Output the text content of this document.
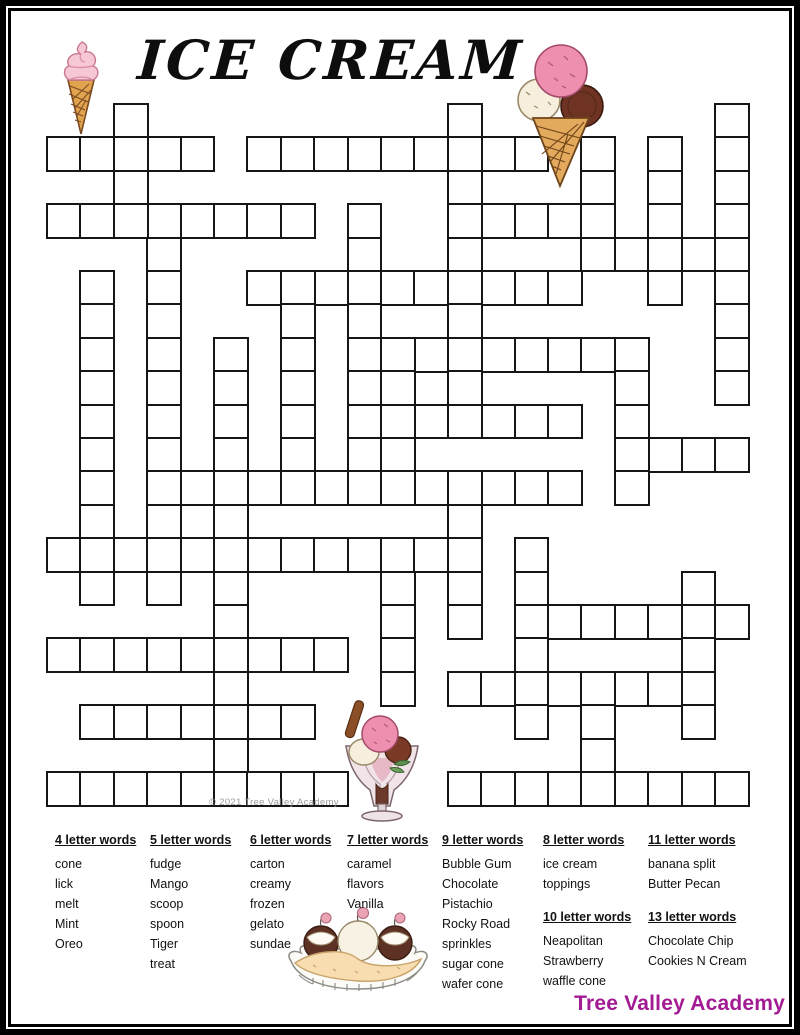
ICE CREAM
© 2021 Tree Valley Academy
4 letter words
cone
lick
melt
Mint
Oreo
5 letter words
fudge
Mango
scoop
spoon
Tiger
treat
6 letter words
carton
creamy
frozen
gelato
sundae
7 letter words
caramel
flavors
Vanilla
9 letter words
Bubble Gum
Chocolate
Pistachio
Rocky Road
sprinkles
sugar cone
wafer cone
8 letter words
ice cream
toppings
10 letter words
Neapolitan
Strawberry
waffle cone
11 letter words
banana split
Butter Pecan
13 letter words
Chocolate Chip
Cookies N Cream
Tree Valley Academy
